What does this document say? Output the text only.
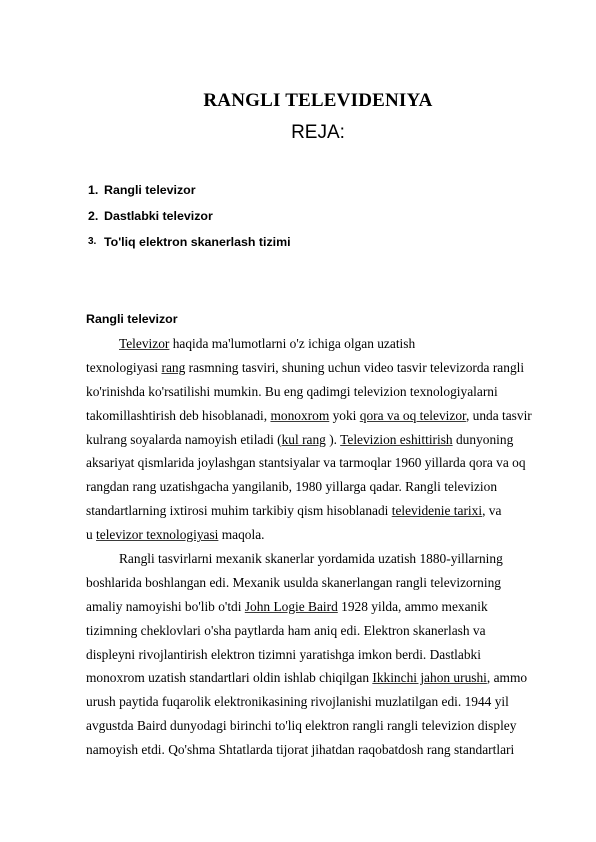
RANGLI TELEVIDENIYA
REJA:
1. Rangli televizor
2. Dastlabki televizor
3. To'liq elektron skanerlash tizimi
Rangli televizor
Televizor haqida ma'lumotlarni o'z ichiga olgan uzatish
texnologiyasi rang rasmning tasviri, shuning uchun video tasvir televizorda rangli
ko'rinishda ko'rsatilishi mumkin. Bu eng qadimgi televizion texnologiyalarni
takomillashtirish deb hisoblanadi, monoxrom yoki qora va oq televizor, unda tasvir
kulrang soyalarda namoyish etiladi (kul rang ). Televizion eshittirish dunyoning
aksariyat qismlarida joylashgan stantsiyalar va tarmoqlar 1960 yillarda qora va oq
rangdan rang uzatishgacha yangilanib, 1980 yillarga qadar. Rangli televizion
standartlarning ixtirosi muhim tarkibiy qism hisoblanadi televidenie tarixi, va
u televizor texnologiyasi maqola.
Rangli tasvirlarni mexanik skanerlar yordamida uzatish 1880-yillarning
boshlarida boshlangan edi. Mexanik usulda skanerlangan rangli televizorning
amaliy namoyishi bo'lib o'tdi John Logie Baird 1928 yilda, ammo mexanik
tizimning cheklovlari o'sha paytlarda ham aniq edi. Elektron skanerlash va
displeyni rivojlantirish elektron tizimni yaratishga imkon berdi. Dastlabki
monoxrom uzatish standartlari oldin ishlab chiqilgan Ikkinchi jahon urushi, ammo
urush paytida fuqarolik elektronikasining rivojlanishi muzlatilgan edi. 1944 yil
avgustda Baird dunyodagi birinchi to'liq elektron rangli rangli televizion displey
namoyish etdi. Qo'shma Shtatlarda tijorat jihatdan raqobatdosh rang standartlari
